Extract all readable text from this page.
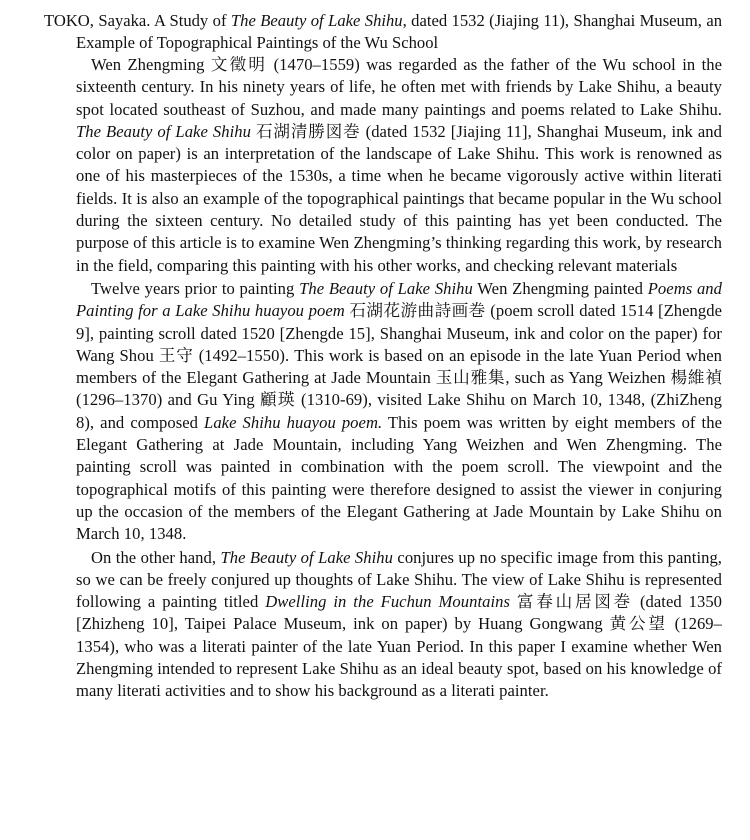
TOKO, Sayaka. A Study of The Beauty of Lake Shihu, dated 1532 (Jiajing 11), Shanghai Museum, an Example of Topographical Paintings of the Wu School

Wen Zhengming 文徵明 (1470–1559) was regarded as the father of the Wu school in the sixteenth century. In his ninety years of life, he often met with friends by Lake Shihu, a beauty spot located southeast of Suzhou, and made many paintings and poems related to Lake Shihu. The Beauty of Lake Shihu 石湖清勝図巻 (dated 1532 [Jiajing 11], Shanghai Museum, ink and color on paper) is an interpretation of the landscape of Lake Shihu. This work is renowned as one of his masterpieces of the 1530s, a time when he became vigorously active within literati fields. It is also an example of the topographical paintings that became popular in the Wu school during the sixteen century. No detailed study of this painting has yet been conducted. The purpose of this article is to examine Wen Zhengming’s thinking regarding this work, by research in the field, comparing this painting with his other works, and checking relevant materials

Twelve years prior to painting The Beauty of Lake Shihu Wen Zhengming painted Poems and Painting for a Lake Shihu huayou poem 石湖花游曲詩画巻 (poem scroll dated 1514 [Zhengde 9], painting scroll dated 1520 [Zhengde 15], Shanghai Museum, ink and color on the paper) for Wang Shou 王守 (1492–1550). This work is based on an episode in the late Yuan Period when members of the Elegant Gathering at Jade Mountain 玉山雅集, such as Yang Weizhen 楊維禎 (1296–1370) and Gu Ying 顧瑛 (1310-69), visited Lake Shihu on March 10, 1348, (ZhiZheng 8), and composed Lake Shihu huayou poem. This poem was written by eight members of the Elegant Gathering at Jade Mountain, including Yang Weizhen and Wen Zhengming. The painting scroll was painted in combination with the poem scroll. The viewpoint and the topographical motifs of this painting were therefore designed to assist the viewer in conjuring up the occasion of the members of the Elegant Gathering at Jade Mountain by Lake Shihu on March 10, 1348.

On the other hand, The Beauty of Lake Shihu conjures up no specific image from this panting, so we can be freely conjured up thoughts of Lake Shihu. The view of Lake Shihu is represented following a painting titled Dwelling in the Fuchun Mountains 富春山居図巻 (dated 1350 [Zhizheng 10], Taipei Palace Museum, ink on paper) by Huang Gongwang 黄公望 (1269–1354), who was a literati painter of the late Yuan Period. In this paper I examine whether Wen Zhengming intended to represent Lake Shihu as an ideal beauty spot, based on his knowledge of many literati activities and to show his background as a literati painter.
